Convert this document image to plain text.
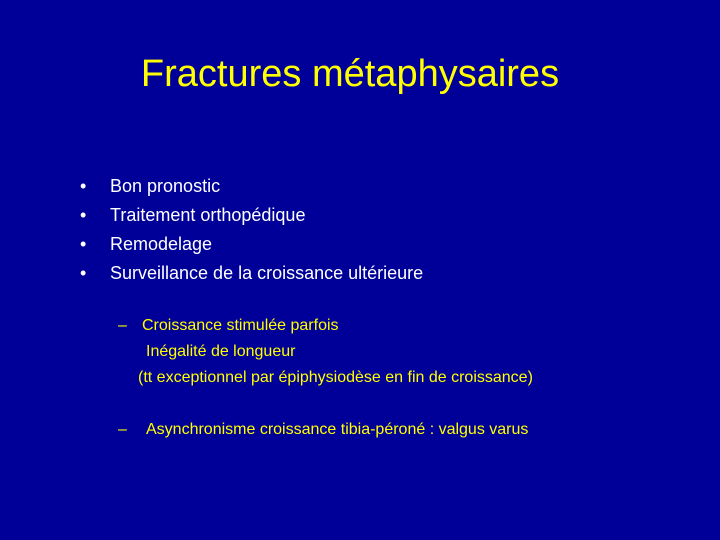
Fractures métaphysaires
• Bon pronostic
• Traitement orthopédique
• Remodelage
• Surveillance de la croissance ultérieure
– Croissance stimulée parfois
Inégalité de longueur
(tt exceptionnel par épiphysiodèse en fin de croissance)
– Asynchronisme croissance tibia-péroné : valgus varus
